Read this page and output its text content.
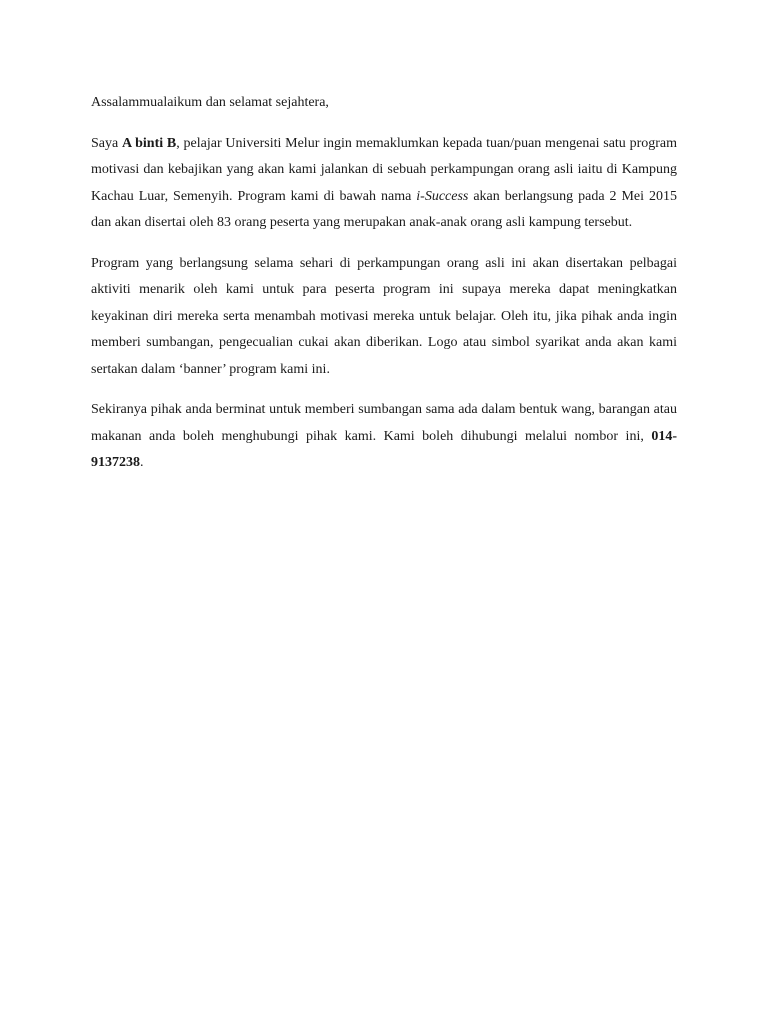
Assalammualaikum dan selamat sejahtera,

Saya A binti B, pelajar Universiti Melur ingin memaklumkan kepada tuan/puan mengenai satu program motivasi dan kebajikan yang akan kami jalankan di sebuah perkampungan orang asli iaitu di Kampung Kachau Luar, Semenyih. Program kami di bawah nama i-Success akan berlangsung pada 2 Mei 2015 dan akan disertai oleh 83 orang peserta yang merupakan anak-anak orang asli kampung tersebut.

Program yang berlangsung selama sehari di perkampungan orang asli ini akan disertakan pelbagai aktiviti menarik oleh kami untuk para peserta program ini supaya mereka dapat meningkatkan keyakinan diri mereka serta menambah motivasi mereka untuk belajar. Oleh itu, jika pihak anda ingin memberi sumbangan, pengecualian cukai akan diberikan. Logo atau simbol syarikat anda akan kami sertakan dalam ‘banner’ program kami ini.

Sekiranya pihak anda berminat untuk memberi sumbangan sama ada dalam bentuk wang, barangan atau makanan anda boleh menghubungi pihak kami. Kami boleh dihubungi melalui nombor ini, 014-9137238.
